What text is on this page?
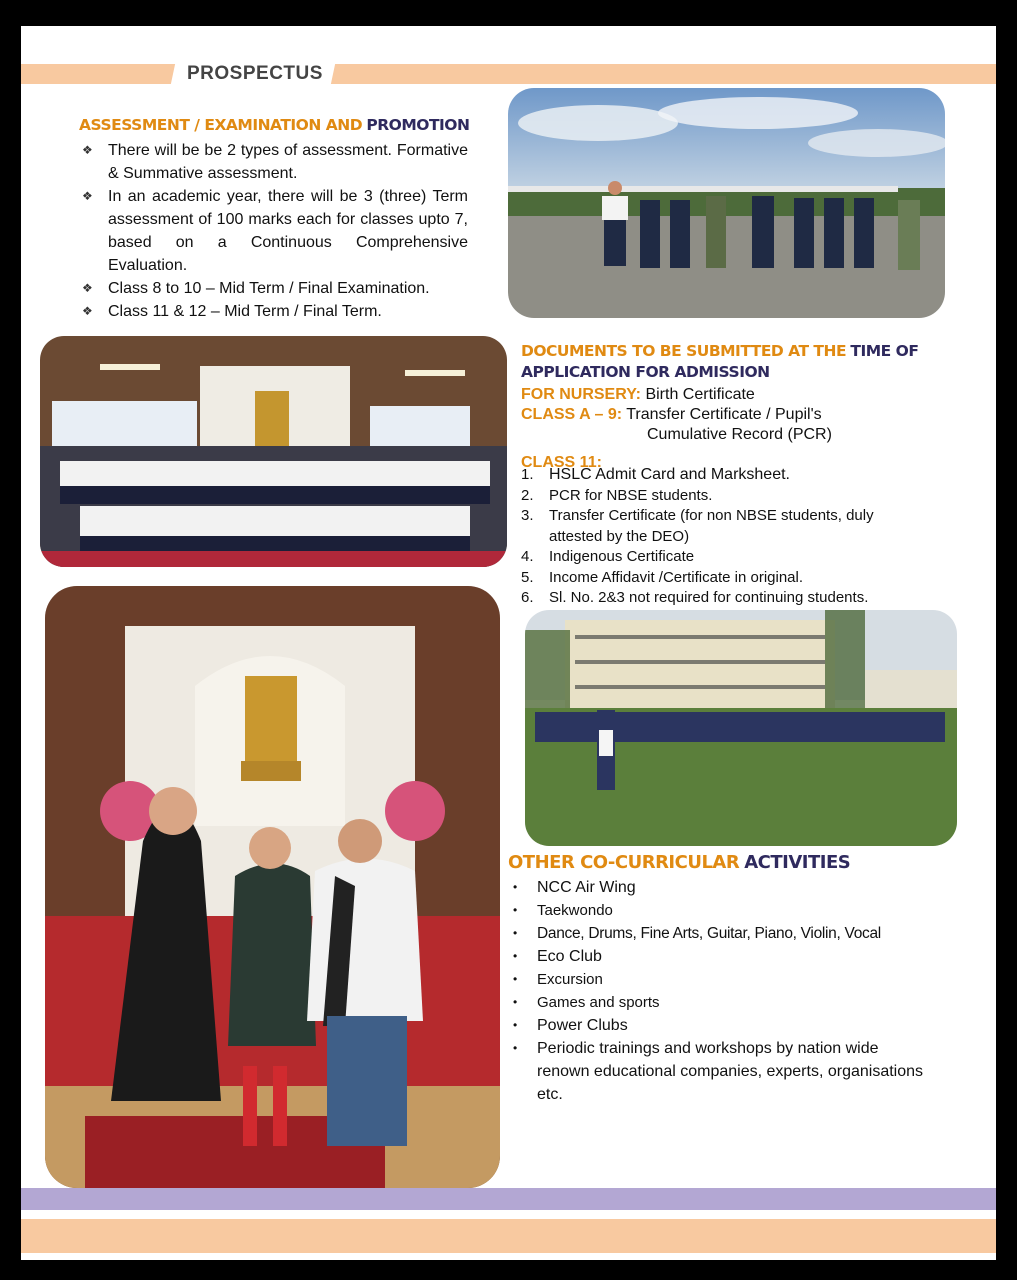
PROSPECTUS
ASSESSMENT / EXAMINATION AND PROMOTION
❖ There will be be 2 types of assessment. Formative & Summative assessment.
❖ In an academic year, there will be 3 (three) Term assessment of 100 marks each for classes upto 7, based on a Continuous Comprehensive Evaluation.
❖ Class 8 to 10 – Mid Term / Final Examination.
❖ Class 11 & 12 – Mid Term / Final Term.
DOCUMENTS TO BE SUBMITTED AT THE TIME OF
APPLICATION FOR ADMISSION
FOR NURSERY: Birth Certificate
CLASS A – 9: Transfer Certificate / Pupil's
Cumulative Record (PCR)
CLASS 11:
1. HSLC Admit Card and Marksheet.
2. PCR for NBSE students.
3. Transfer Certificate (for non NBSE students, duly attested by the DEO)
4. Indigenous Certificate
5. Income Affidavit /Certificate in original.
6. Sl. No. 2&3 not required for continuing students.
OTHER CO-CURRICULAR ACTIVITIES
• NCC Air Wing
• Taekwondo
• Dance, Drums, Fine Arts, Guitar, Piano, Violin, Vocal
• Eco Club
• Excursion
• Games and sports
• Power Clubs
• Periodic trainings and workshops by nation wide renown educational companies, experts, organisations etc.
